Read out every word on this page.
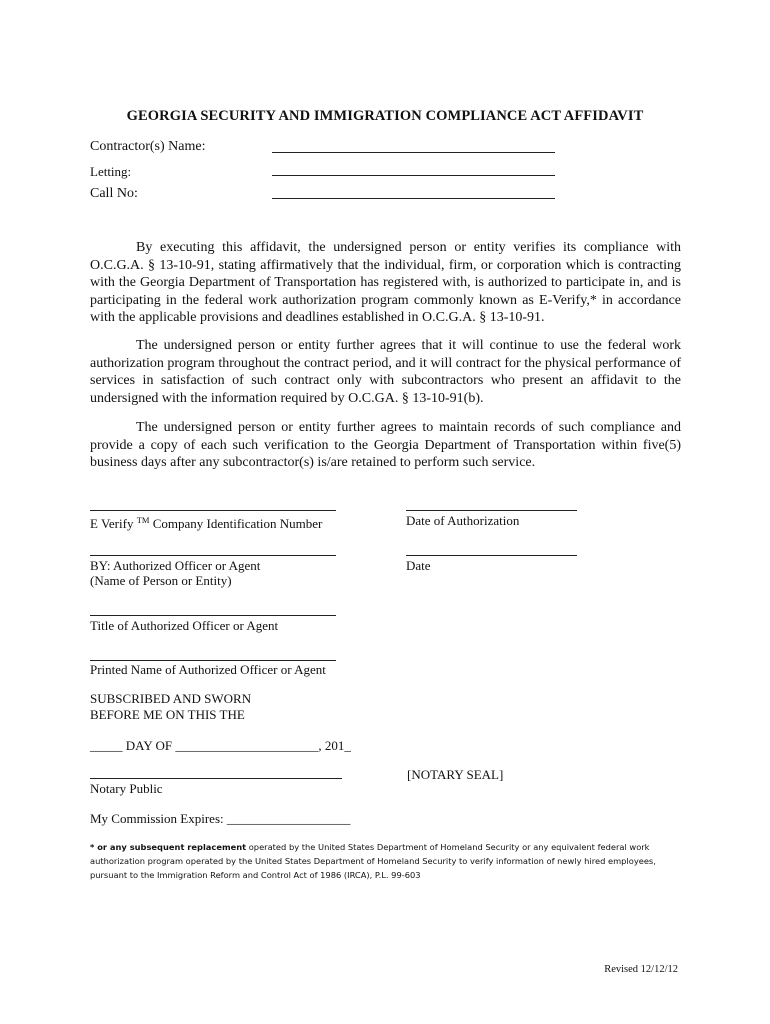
GEORGIA SECURITY AND IMMIGRATION COMPLIANCE ACT AFFIDAVIT
Contractor(s) Name:
Letting:
Call No:
By executing this affidavit, the undersigned person or entity verifies its compliance with O.C.G.A. § 13-10-91, stating affirmatively that the individual, firm, or corporation which is contracting with the Georgia Department of Transportation has registered with, is authorized to participate in, and is participating in the federal work authorization program commonly known as E-Verify,* in accordance with the applicable provisions and deadlines established in O.C.G.A. § 13-10-91.
The undersigned person or entity further agrees that it will continue to use the federal work authorization program throughout the contract period, and it will contract for the physical performance of services in satisfaction of such contract only with subcontractors who present an affidavit to the undersigned with the information required by O.C.GA. § 13-10-91(b).
The undersigned person or entity further agrees to maintain records of such compliance and provide a copy of each such verification to the Georgia Department of Transportation within five(5) business days after any subcontractor(s) is/are retained to perform such service.
E Verify ™ Company Identification Number	Date of Authorization
BY: Authorized Officer or Agent
(Name of Person or Entity)
Date
Title of Authorized Officer or Agent
Printed Name of Authorized Officer or Agent
SUBSCRIBED AND SWORN
BEFORE ME ON THIS THE
_____ DAY OF ______________________, 201_
Notary Public
[NOTARY SEAL]
My Commission Expires: ___________________
* or any subsequent replacement operated by the United States Department of Homeland Security or any equivalent federal work authorization program operated by the United States Department of Homeland Security to verify information of newly hired employees, pursuant to the Immigration Reform and Control Act of 1986 (IRCA), P.L. 99-603
Revised 12/12/12
